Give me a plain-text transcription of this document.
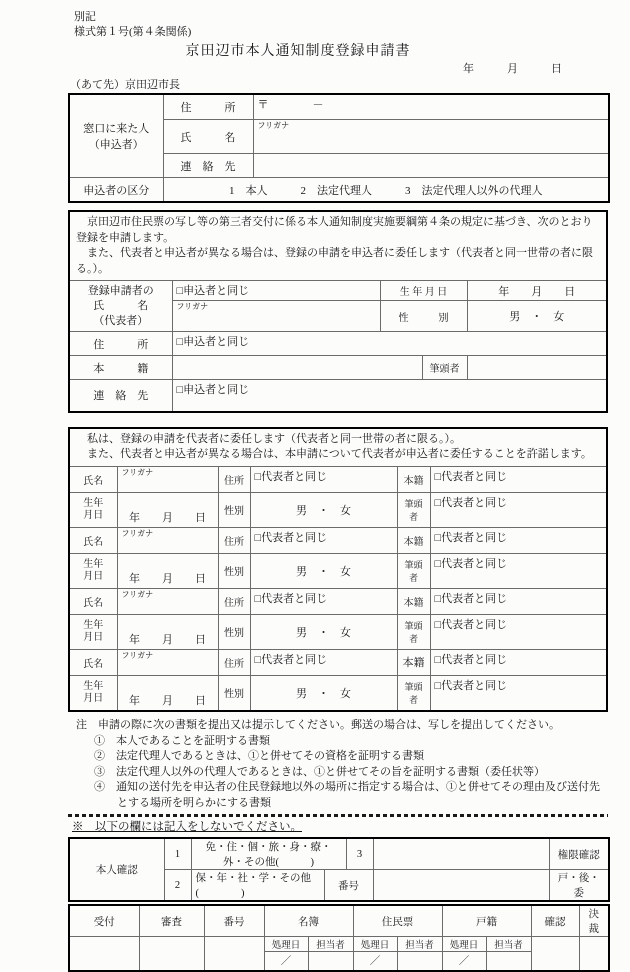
別記
様式第１号(第４条関係)
京田辺市本人通知制度登録申請書
年　　　月　　　日
（あて先）京田辺市長
窓口に来た人
（申込者）	住　　　所	〒　　　　－
	氏　　　名	フリガナ

	連　絡　先	
申込者の区分	1　本人　　　2　法定代理人　　　3　法定代理人以外の代理人	
　京田辺市住民票の写し等の第三者交付に係る本人通知制度実施要綱第４条の規定に基づき、次のとおり登録を申請します。
　また、代表者と申込者が異なる場合は、登録の申請を申込者に委任します（代表者と同一世帯の者に限る。）。
登録申請者の
氏　　　名
（代表者）	□申込者と同じ	生 年 月 日		年　　月　　日

	フリガナ	性　　　別		男　・　女
住　　　所	□申込者と同じ			
本　　　籍			筆頭者	
連　絡　先	□申込者と同じ			
　私は、登録の申請を代表者に委任します（代表者と同一世帯の者に限る。）。
　また、代表者と申込者が異なる場合は、本申請について代表者が申込者に委任することを許諾します。
氏名	フリガナ	住所	□代表者と同じ	本籍	□代表者と同じ

生年
月日	年　　月　　日	性別	男　・　女	筆頭者	□代表者と同じ
氏名	フリガナ	住所	□代表者と同じ	本籍	□代表者と同じ

生年
月日	年　　月　　日	性別	男　・　女	筆頭者	□代表者と同じ
氏名	フリガナ	住所	□代表者と同じ	本籍	□代表者と同じ

生年
月日	年　　月　　日	性別	男　・　女	筆頭者	□代表者と同じ
氏名	フリガナ	住所	□代表者と同じ	本籍	□代表者と同じ

生年
月日	年　　月　　日	性別	男　・　女	筆頭者	□代表者と同じ
注　申請の際に次の書類を提出又は提示してください。郵送の場合は、写しを提出してください。
①　本人であることを証明する書類
②　法定代理人であるときは、①と併せてその資格を証明する書類
③　法定代理人以外の代理人であるときは、①と併せてその旨を証明する書類（委任状等）
④　通知の送付先を申込者の住民登録地以外の場所に指定する場合は、①と併せてその理由及び送付先とする場所を明らかにする書類
※　以下の欄には記入をしないでください。
本人確認	1	免・住・個・旅・身・療・外・その他(　　　)		3		権限確認
	2	保・年・社・学・その他(　　　　)	番号			戸・後・委
受付	審査	番号	名簿		住民票		戸籍		確認	決裁
			処理日	担当者	処理日	担当者	処理日	担当者		
			／		／		／			
